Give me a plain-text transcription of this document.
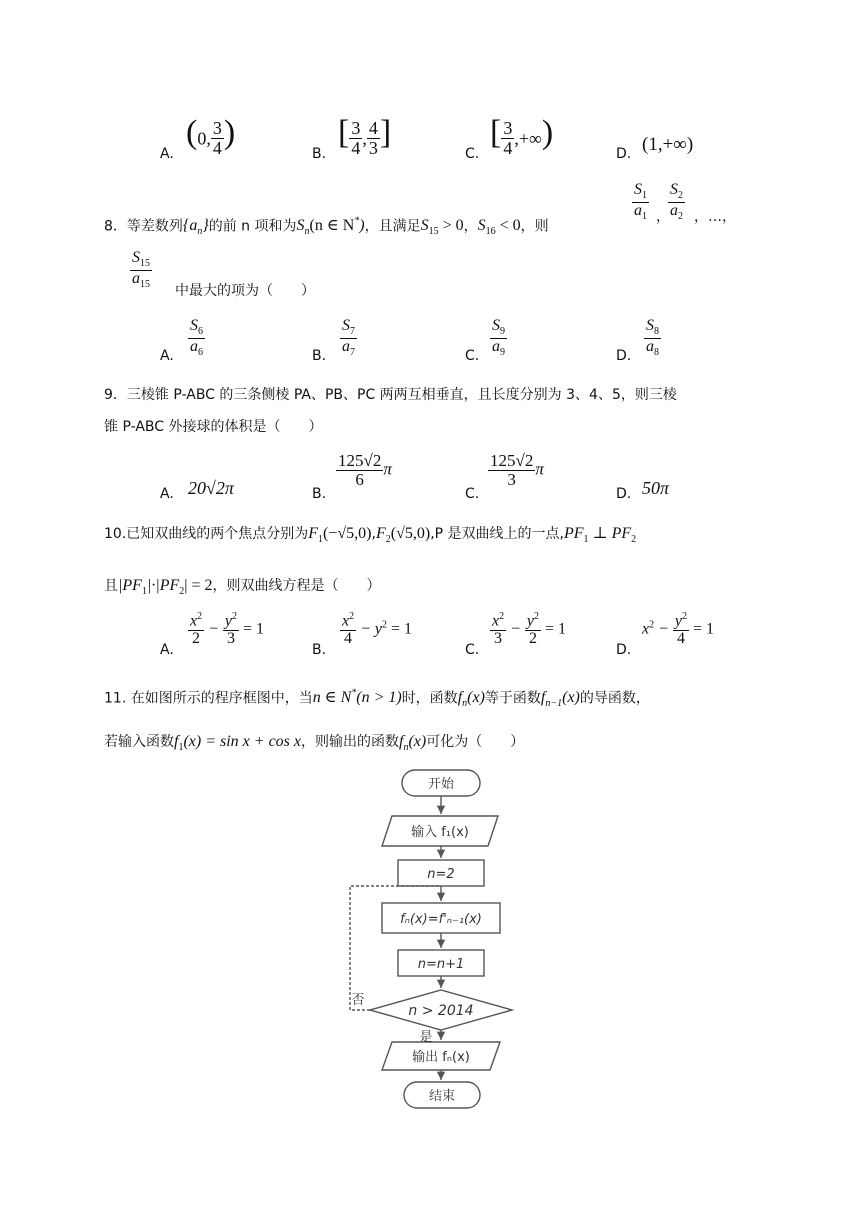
A.
(0, $\frac{3}{4}$ )
B.
[ $\frac{3}{4}$ , $\frac{4}{3}$ ]
C.
[ $\frac{3}{4}$ ,+∞)
D. (1,+∞)
8．等差数列$\{a_n\}$的前 n 项和为$S_n(n$ ∈ N*)，且满足$S_{15} > 0$，$S_{16} < 0$，则
$\frac{S_1}{a_1}$ ，
$\frac{S_2}{a_2}$ ，…，
$\frac{S_{15}}{a_{15}}$
中最大的项为（　　）
A. $\frac{S_6}{a_6}$	B. $\frac{S_7}{a_7}$	C. $\frac{S_9}{a_9}$	D. $\frac{S_8}{a_8}$
9．三棱锥 P-ABC 的三条侧棱 PA、PB、PC 两两互相垂直，且长度分别为 3、4、5，则三棱
锥 P-ABC 外接球的体积是（　　）
A. 20√2π	B.
$\frac{125√2}{6}$ π
C.
$\frac{125√2}{3}$ π
D. 50π
10.已知双曲线的两个焦点分别为$F_1(-√5,0),F_2(√5,0),P$ 是双曲线上的一点$,PF_1$ ⊥ $PF_2$
且$|PF_1|\cdot|PF_2| = 2$，则双曲线方程是（　　）
A.
$\frac{x^2}{2} - \frac{y^2}{3} = 1$
B.
$\frac{x^2}{4} - y^2 = 1$
C.
$\frac{x^2}{3} - \frac{y^2}{2} = 1$
D.
$x^2 - \frac{y^2}{4} = 1$
11. 在如图所示的程序框图中，当n ∈ N*(n > 1)时，函数$f_n(x)$等于函数$f_{n-1}(x)$的导函数，
若输入函数$f_1(x) = \sin x + \cos x$，则输出的函数$f_n(x)$可化为（　　）
开始
输入 f₁(x)
n=2
fₙ(x)=f'ₙ₋₁(x)
n=n+1
n > 2014
否
是
输出 fₙ(x)
结束
